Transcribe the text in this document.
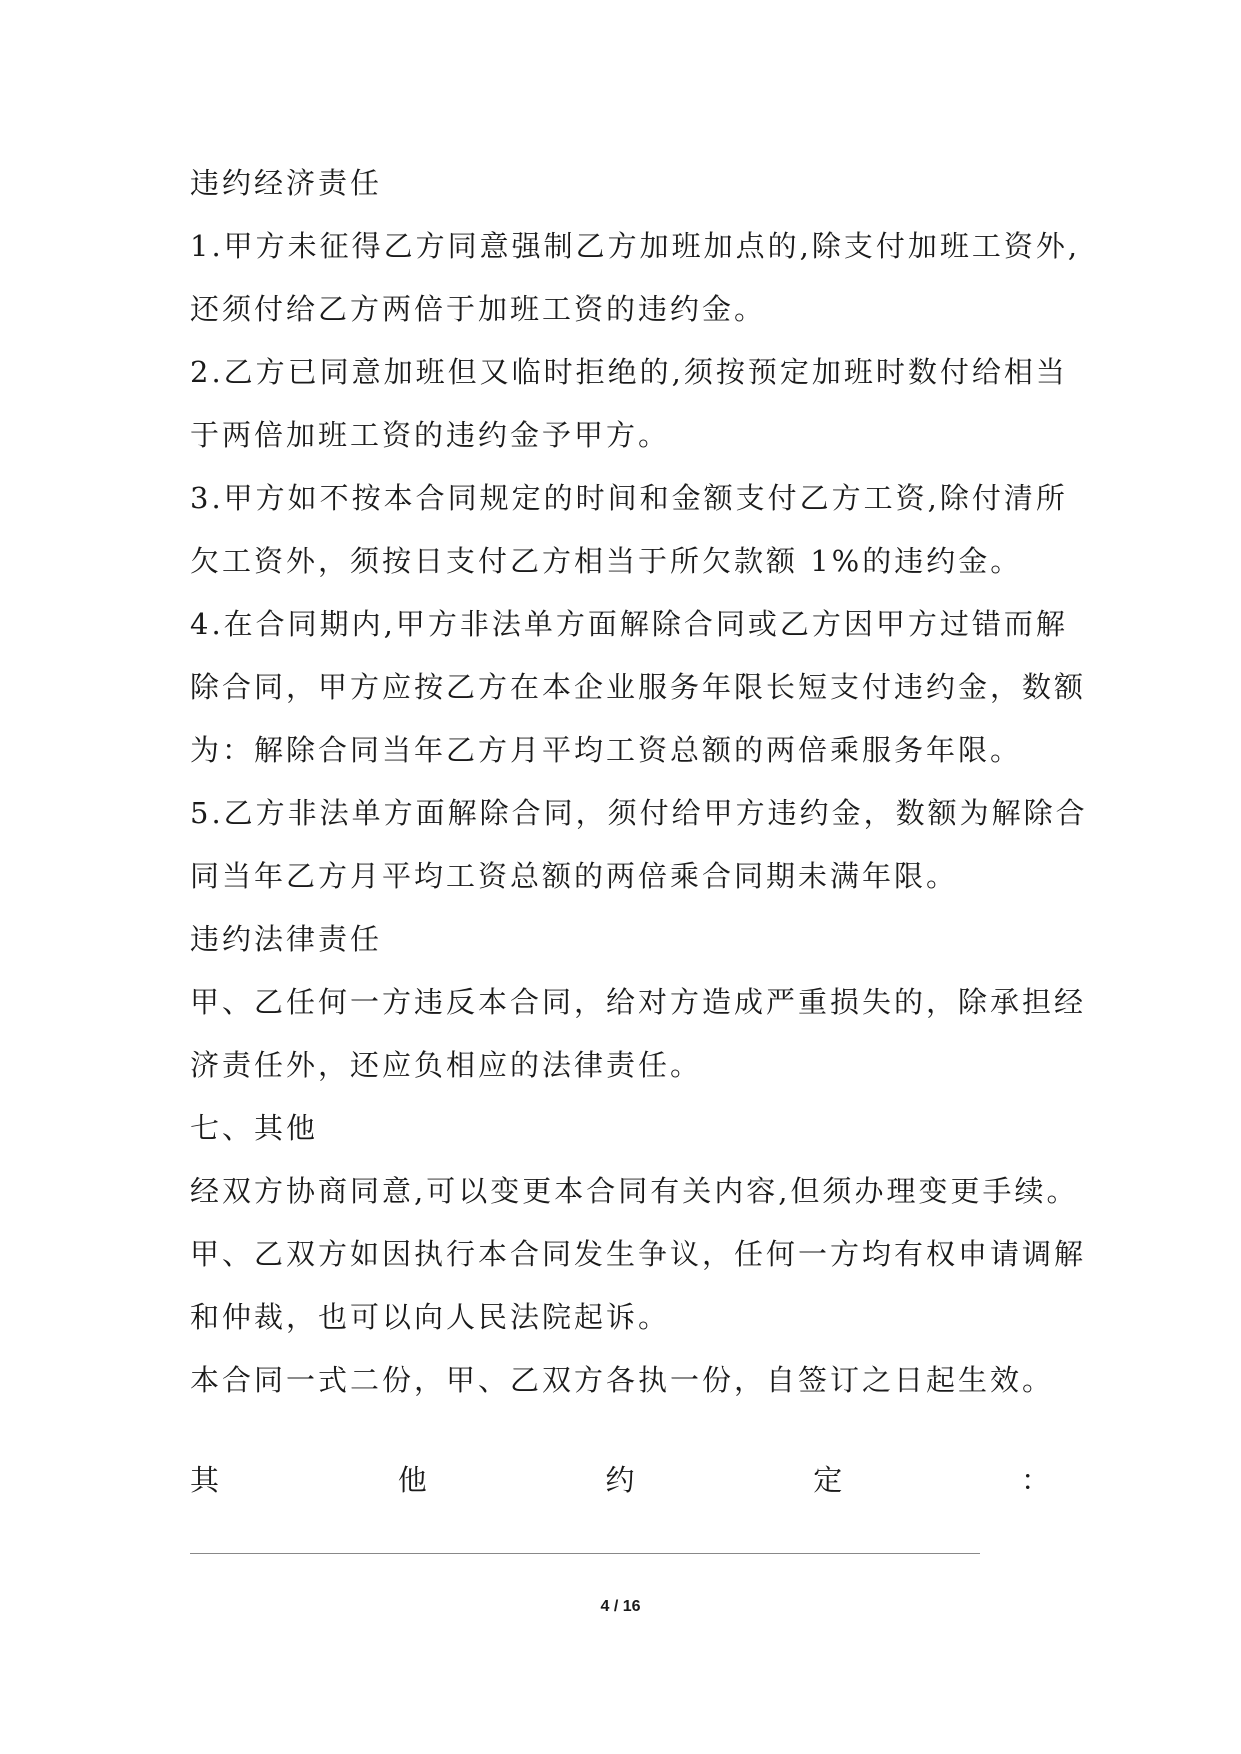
违约经济责任
1.甲方未征得乙方同意强制乙方加班加点的,除支付加班工资外,
还须付给乙方两倍于加班工资的违约金。
2.乙方已同意加班但又临时拒绝的,须按预定加班时数付给相当
于两倍加班工资的违约金予甲方。
3.甲方如不按本合同规定的时间和金额支付乙方工资,除付清所
欠工资外，须按日支付乙方相当于所欠款额 1%的违约金。
4.在合同期内,甲方非法单方面解除合同或乙方因甲方过错而解
除合同，甲方应按乙方在本企业服务年限长短支付违约金，数额
为：解除合同当年乙方月平均工资总额的两倍乘服务年限。
5.乙方非法单方面解除合同，须付给甲方违约金，数额为解除合
同当年乙方月平均工资总额的两倍乘合同期未满年限。
违约法律责任
甲、乙任何一方违反本合同，给对方造成严重损失的，除承担经
济责任外，还应负相应的法律责任。
七、其他
经双方协商同意,可以变更本合同有关内容,但须办理变更手续。
甲、乙双方如因执行本合同发生争议，任何一方均有权申请调解
和仲裁，也可以向人民法院起诉。
本合同一式二份，甲、乙双方各执一份，自签订之日起生效。
其	他	约	定	：
4 / 16
